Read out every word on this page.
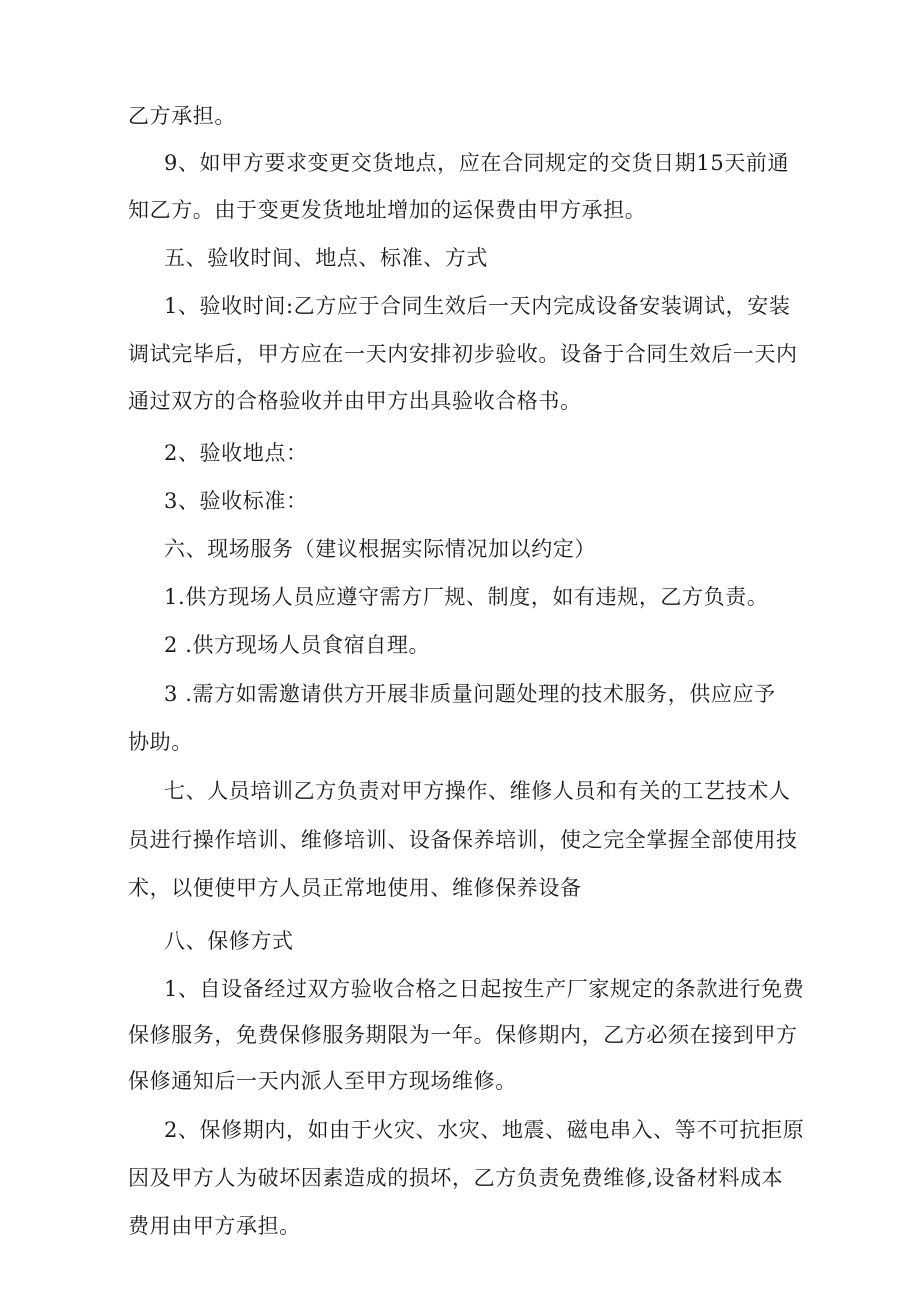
乙方承担。

9、如甲方要求变更交货地点，应在合同规定的交货日期15天前通

知乙方。由于变更发货地址增加的运保费由甲方承担。

五、验收时间、地点、标准、方式

1、验收时间:乙方应于合同生效后一天内完成设备安装调试，安装

调试完毕后，甲方应在一天内安排初步验收。设备于合同生效后一天内

通过双方的合格验收并由甲方出具验收合格书。

2、验收地点：

3、验收标准：

六、现场服务（建议根据实际情况加以约定）

1.供方现场人员应遵守需方厂规、制度，如有违规，乙方负责。

2 .供方现场人员食宿自理。

3 .需方如需邀请供方开展非质量问题处理的技术服务，供应应予

协助。

七、人员培训乙方负责对甲方操作、维修人员和有关的工艺技术人

员进行操作培训、维修培训、设备保养培训，使之完全掌握全部使用技

术，以便使甲方人员正常地使用、维修保养设备

八、保修方式

1、自设备经过双方验收合格之日起按生产厂家规定的条款进行免费

保修服务，免费保修服务期限为一年。保修期内，乙方必须在接到甲方

保修通知后一天内派人至甲方现场维修。

2、保修期内，如由于火灾、水灾、地震、磁电串入、等不可抗拒原

因及甲方人为破坏因素造成的损坏，乙方负责免费维修,设备材料成本

费用由甲方承担。
